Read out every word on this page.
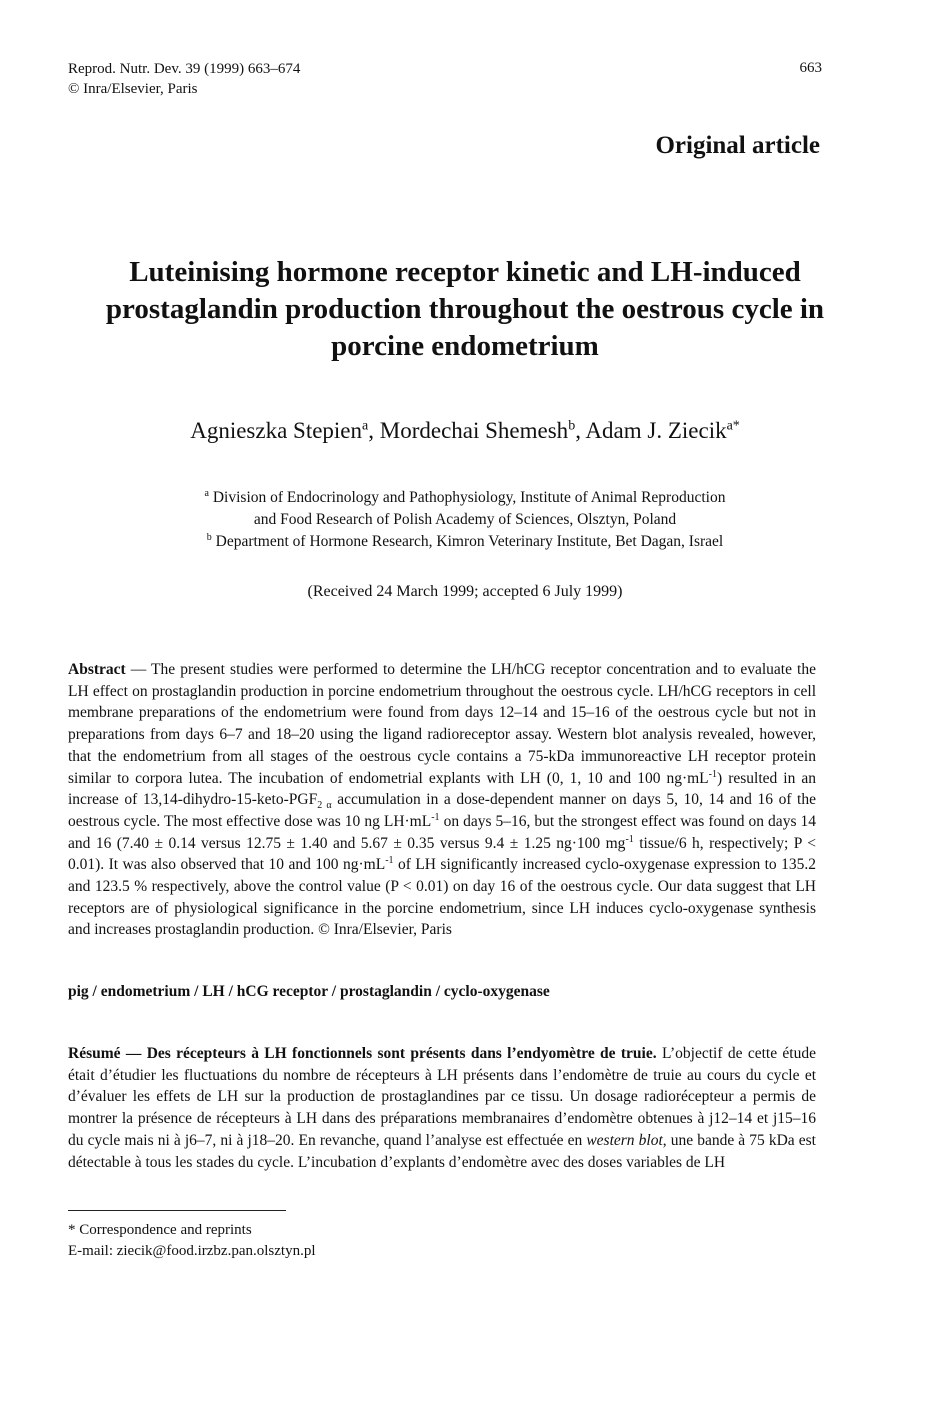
Reprod. Nutr. Dev. 39 (1999) 663–674
© Inra/Elsevier, Paris
663
Original article
Luteinising hormone receptor kinetic and LH-induced prostaglandin production throughout the oestrous cycle in porcine endometrium
Agnieszka Stepien$^a$, Mordechai Shemesh$^b$, Adam J. Ziecik$^{a*}$
$^a$ Division of Endocrinology and Pathophysiology, Institute of Animal Reproduction
and Food Research of Polish Academy of Sciences, Olsztyn, Poland
$^b$ Department of Hormone Research, Kimron Veterinary Institute, Bet Dagan, Israel
(Received 24 March 1999; accepted 6 July 1999)
Abstract — The present studies were performed to determine the LH/hCG receptor concentration and to evaluate the LH effect on prostaglandin production in porcine endometrium throughout the oestrous cycle. LH/hCG receptors in cell membrane preparations of the endometrium were found from days 12–14 and 15–16 of the oestrous cycle but not in preparations from days 6–7 and 18–20 using the ligand radioreceptor assay. Western blot analysis revealed, however, that the endometrium from all stages of the oestrous cycle contains a 75-kDa immunoreactive LH receptor protein similar to corpora lutea. The incubation of endometrial explants with LH (0, 1, 10 and 100 $ng\cdot mL^{-1}$) resulted in an increase of $13,14-dihydro-15-keto-PGF_{2 \alpha}$ accumulation in a dose-dependent manner on days 5, 10, 14 and 16 of the oestrous cycle. The most effective dose was 10 ng $LH\cdot mL^{-1}$ on days 5–16, but the strongest effect was found on days 14 and 16 (7.40 ± 0.14 versus 12.75 ± 1.40 and 5.67 ± 0.35 versus 9.4 ± 1.25 ng·100 $mg^{-1}$ tissue/6 h, respectively; P < 0.01). It was also observed that 10 and 100 $ng\cdot mL^{-1}$ of LH significantly increased cyclo-oxygenase expression to 135.2 and 123.5 % respectively, above the control value (P < 0.01) on day 16 of the oestrous cycle. Our data suggest that LH receptors are of physiological significance in the porcine endometrium, since LH induces cyclo-oxygenase synthesis and increases prostaglandin production. © Inra/Elsevier, Paris
pig / endometrium / LH / hCG receptor / prostaglandin / cyclo-oxygenase
Résumé — Des récepteurs à LH fonctionnels sont présents dans l’endyomètre de truie. L’objectif de cette étude était d’étudier les fluctuations du nombre de récepteurs à LH présents dans l’endomètre de truie au cours du cycle et d’évaluer les effets de LH sur la production de prostaglandines par ce tissu. Un dosage radiorécepteur a permis de montrer la présence de récepteurs à LH dans des préparations membranaires d’endomètre obtenues à j12–14 et j15–16 du cycle mais ni à j6–7, ni à j18–20. En revanche, quand l’analyse est effectuée en western blot, une bande à 75 kDa est détectable à tous les stades du cycle. L’incubation d’explants d’endomètre avec des doses variables de LH
* Correspondence and reprints
E-mail: ziecik@food.irzbz.pan.olsztyn.pl
